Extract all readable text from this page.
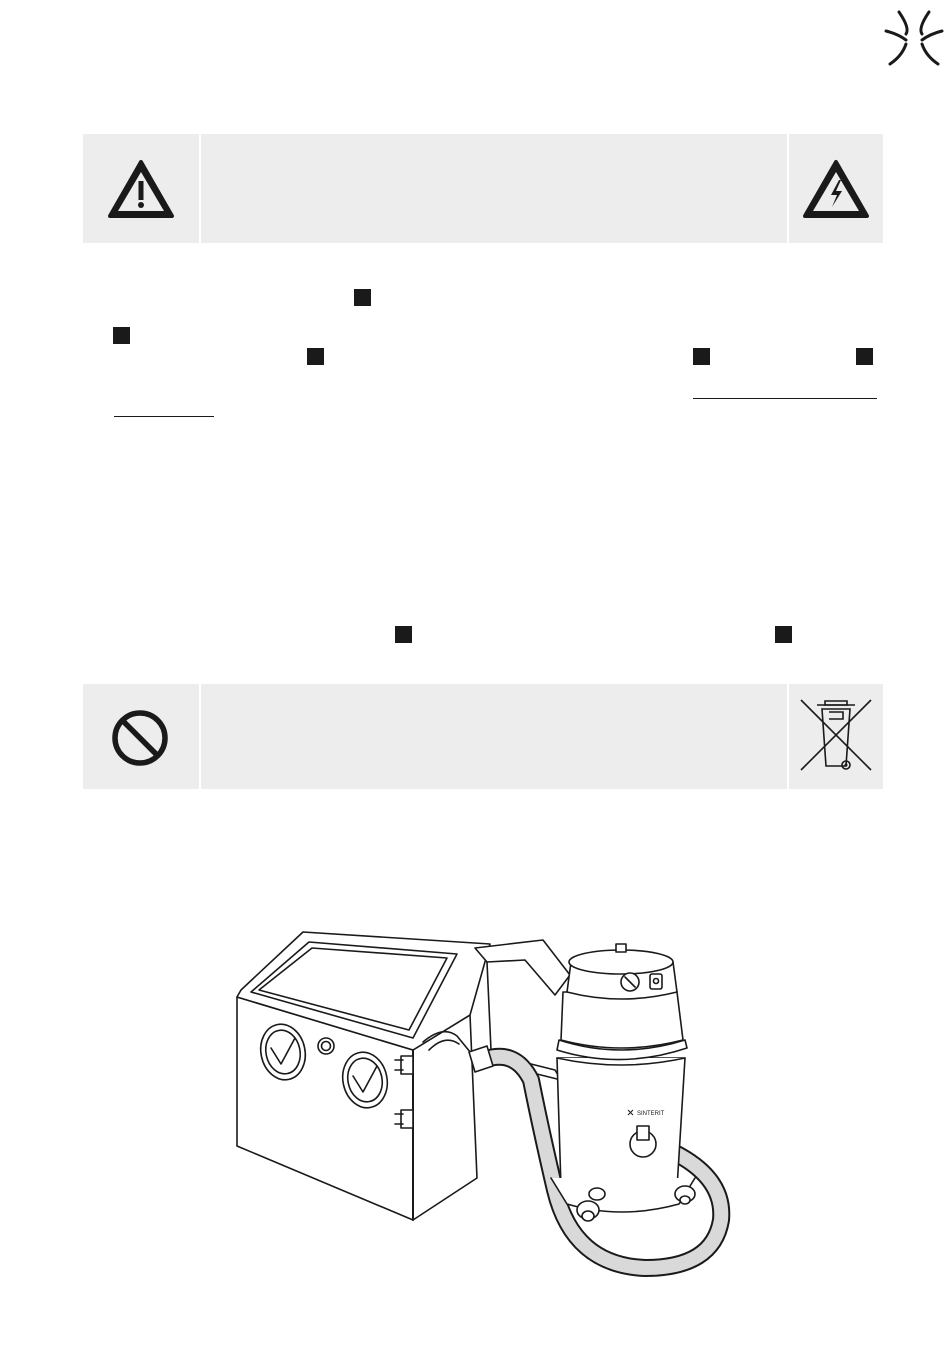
SINTERIT
